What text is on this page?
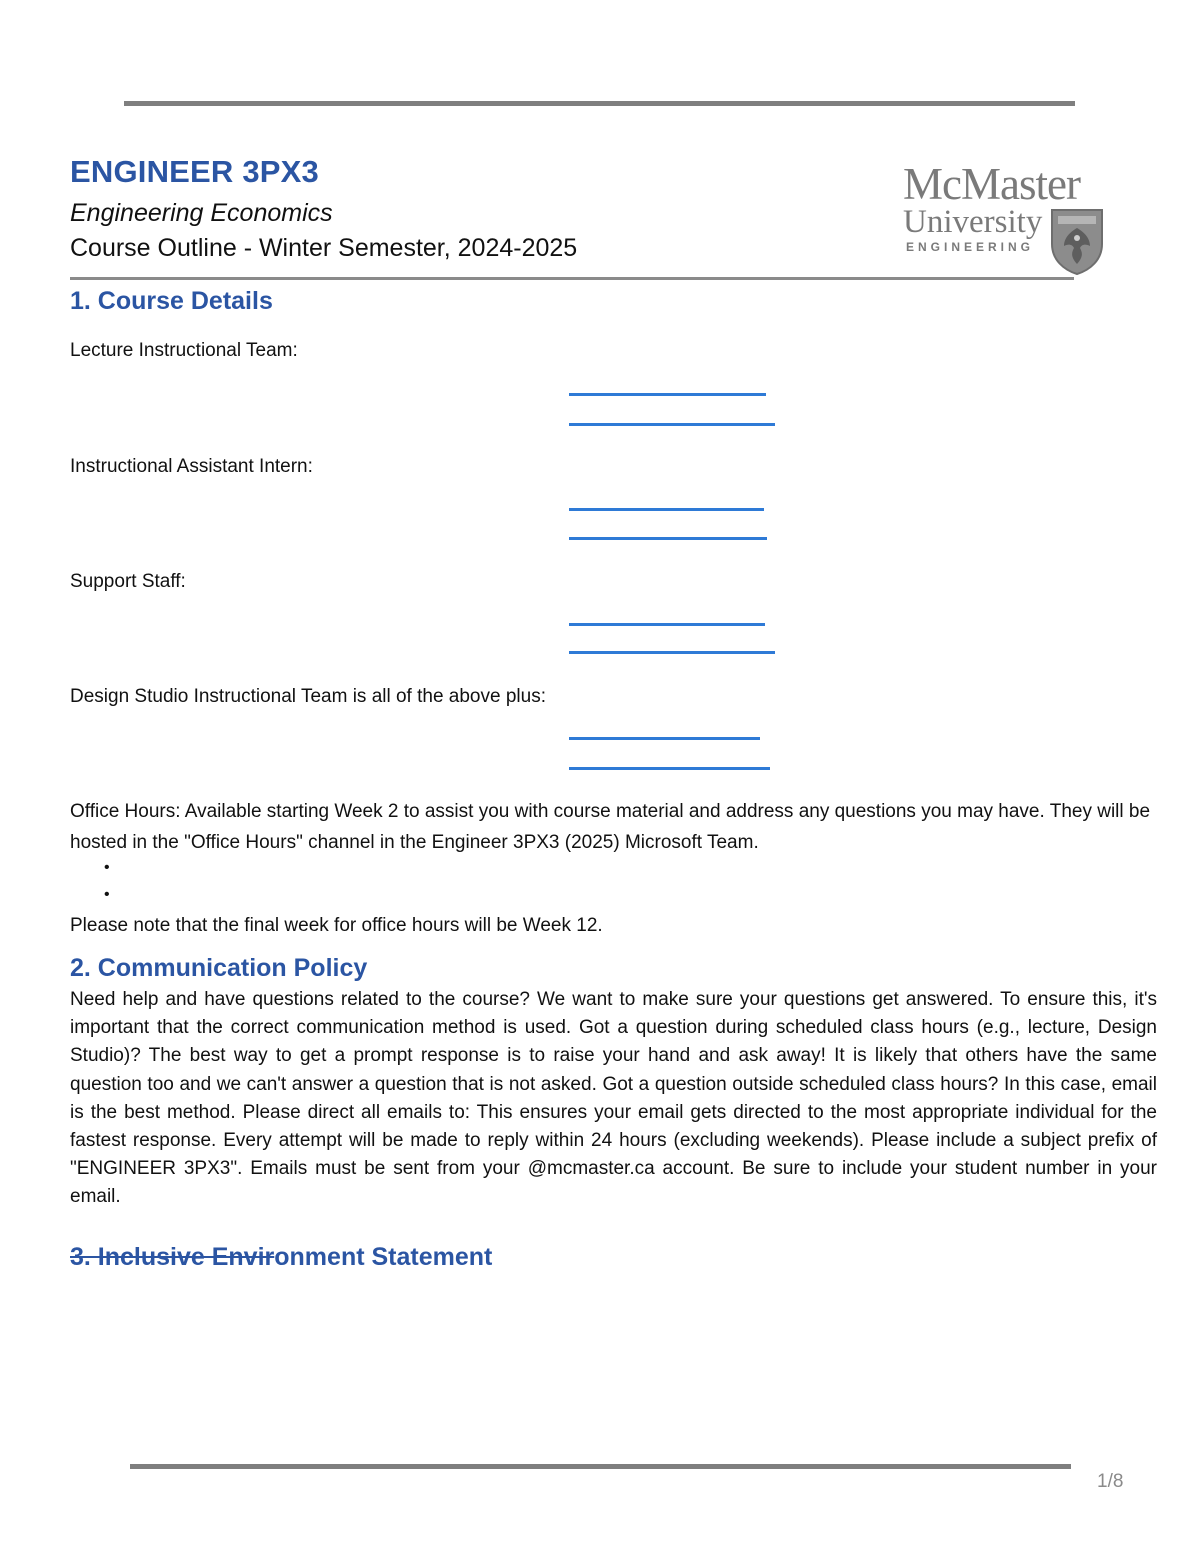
ENGINEER 3PX3
Engineering Economics
Course Outline - Winter Semester, 2024-2025
McMaster
University
ENGINEERING
1. Course Details
Lecture Instructional Team:
Instructional Assistant Intern:
Support Staff:
Design Studio Instructional Team is all of the above plus:
Office Hours: Available starting Week 2 to assist you with course material and address any questions you may have. They will be hosted in the "Office Hours" channel in the Engineer 3PX3 (2025) Microsoft Team.
•
•
Please note that the final week for office hours will be Week 12.
2. Communication Policy
Need help and have questions related to the course? We want to make sure your questions get answered. To ensure this, it's important that the correct communication method is used. Got a question during scheduled class hours (e.g., lecture, Design Studio)? The best way to get a prompt response is to raise your hand and ask away! It is likely that others have the same question too and we can't answer a question that is not asked. Got a question outside scheduled class hours? In this case, email is the best method. Please direct all emails to: This ensures your email gets directed to the most appropriate individual for the fastest response. Every attempt will be made to reply within 24 hours (excluding weekends). Please include a subject prefix of "ENGINEER 3PX3". Emails must be sent from your @mcmaster.ca account. Be sure to include your student number in your email.
3. Inclusive Environment Statement
1/8
